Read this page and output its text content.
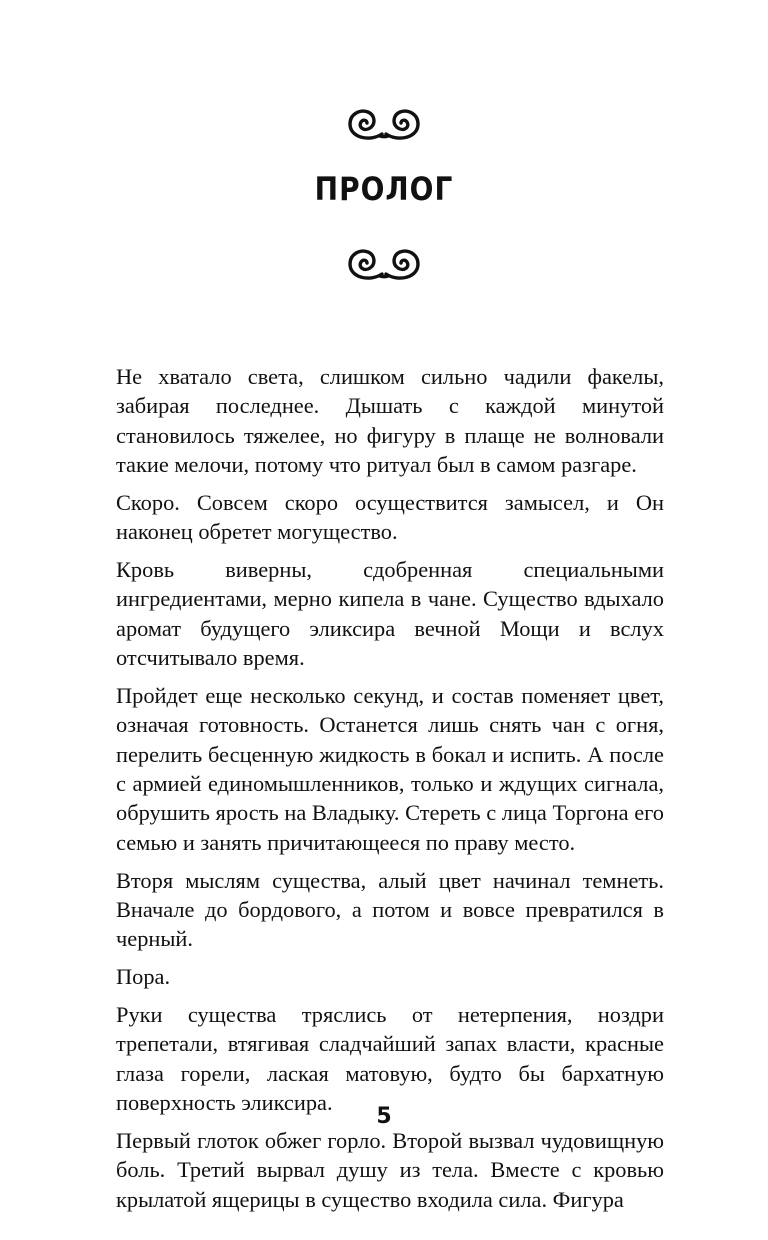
ПРОЛОГ

Не хватало света, слишком сильно чадили факелы, забирая последнее. Дышать с каждой минутой становилось тяжелее, но фигуру в плаще не волновали такие мелочи, потому что ритуал был в самом разгаре.

Скоро. Совсем скоро осуществится замысел, и Он наконец обретет могущество.

Кровь виверны, сдобренная специальными ингредиентами, мерно кипела в чане. Существо вдыхало аромат будущего эликсира вечной Мощи и вслух отсчитывало время.

Пройдет еще несколько секунд, и состав поменяет цвет, означая готовность. Останется лишь снять чан с огня, перелить бесценную жидкость в бокал и испить. А после с армией единомышленников, только и ждущих сигнала, обрушить ярость на Владыку. Стереть с лица Торгона его семью и занять причитающееся по праву место.

Вторя мыслям существа, алый цвет начинал темнеть. Вначале до бордового, а потом и вовсе превратился в черный.

Пора.

Руки существа тряслись от нетерпения, ноздри трепетали, втягивая сладчайший запах власти, красные глаза горели, лаская матовую, будто бы бархатную поверхность эликсира.

Первый глоток обжег горло. Второй вызвал чудовищную боль. Третий вырвал душу из тела. Вместе с кровью крылатой ящерицы в существо входила сила. Фигура

5
